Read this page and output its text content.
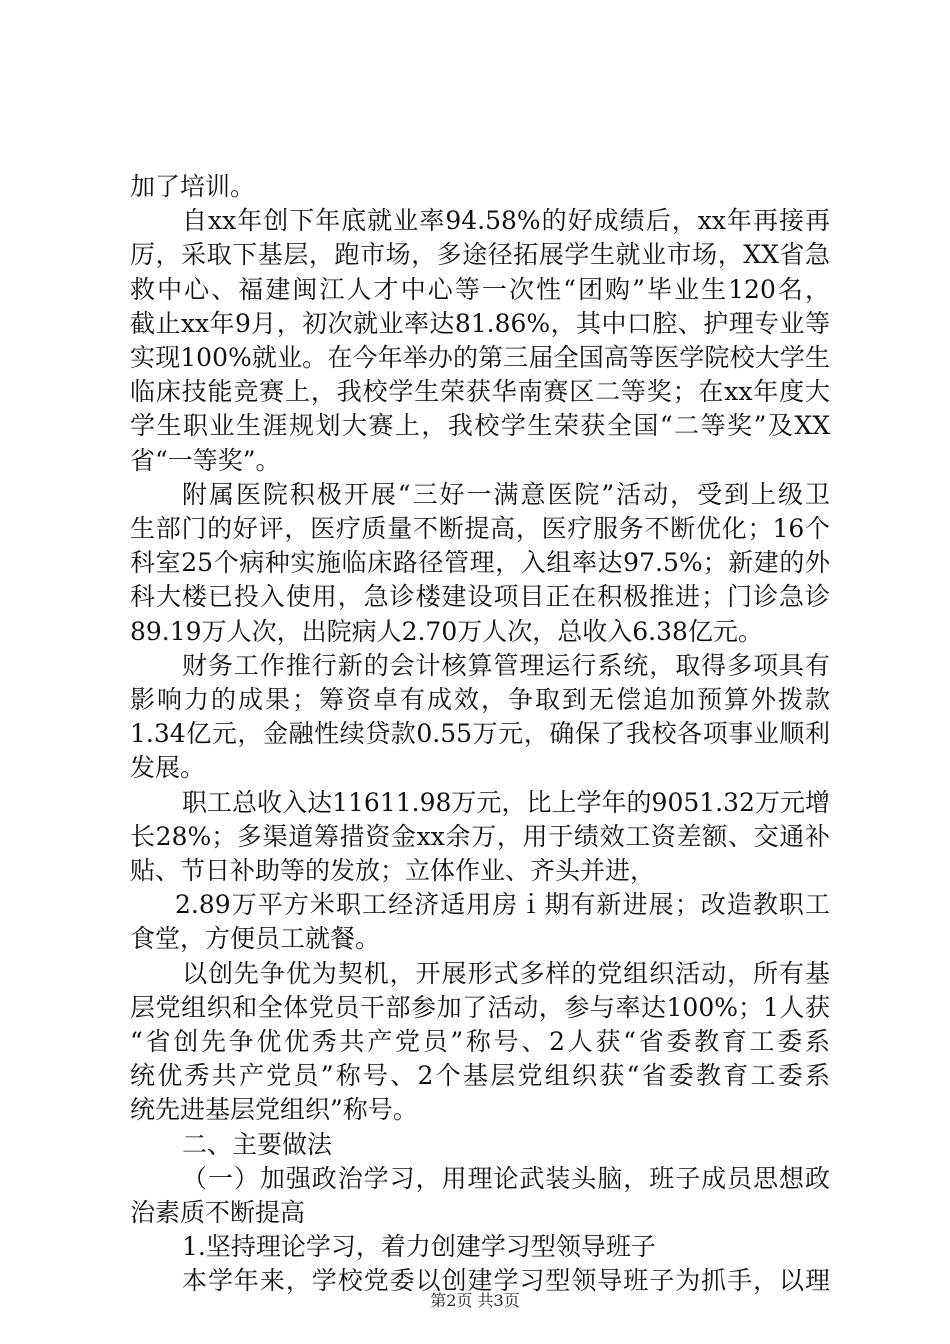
加了培训。
自xx年创下年底就业率94.58%的好成绩后，xx年再接再
厉，采取下基层，跑市场，多途径拓展学生就业市场，XX省急
救中心、福建闽江人才中心等一次性“团购”毕业生120名，
截止xx年9月，初次就业率达81.86%，其中口腔、护理专业等
实现100%就业。在今年举办的第三届全国高等医学院校大学生
临床技能竞赛上，我校学生荣获华南赛区二等奖；在xx年度大
学生职业生涯规划大赛上，我校学生荣获全国“二等奖”及XX
省“一等奖”。
附属医院积极开展“三好一满意医院”活动，受到上级卫
生部门的好评，医疗质量不断提高，医疗服务不断优化；16个
科室25个病种实施临床路径管理，入组率达97.5%；新建的外
科大楼已投入使用，急诊楼建设项目正在积极推进；门诊急诊
89.19万人次，出院病人2.70万人次，总收入6.38亿元。
财务工作推行新的会计核算管理运行系统，取得多项具有
影响力的成果；筹资卓有成效，争取到无偿追加预算外拨款
1.34亿元，金融性续贷款0.55万元，确保了我校各项事业顺利
发展。
职工总收入达11611.98万元，比上学年的9051.32万元增
长28%；多渠道筹措资金xx余万，用于绩效工资差额、交通补
贴、节日补助等的发放；立体作业、齐头并进，
2.89万平方米职工经济适用房ｉ期有新进展；改造教职工
食堂，方便员工就餐。
以创先争优为契机，开展形式多样的党组织活动，所有基
层党组织和全体党员干部参加了活动，参与率达100%；1人获
“省创先争优优秀共产党员”称号、2人获“省委教育工委系
统优秀共产党员”称号、2个基层党组织获“省委教育工委系
统先进基层党组织”称号。
二、主要做法
（一）加强政治学习，用理论武装头脑，班子成员思想政
治素质不断提高
1.坚持理论学习，着力创建学习型领导班子
本学年来，学校党委以创建学习型领导班子为抓手，以理
第2页 共3页
